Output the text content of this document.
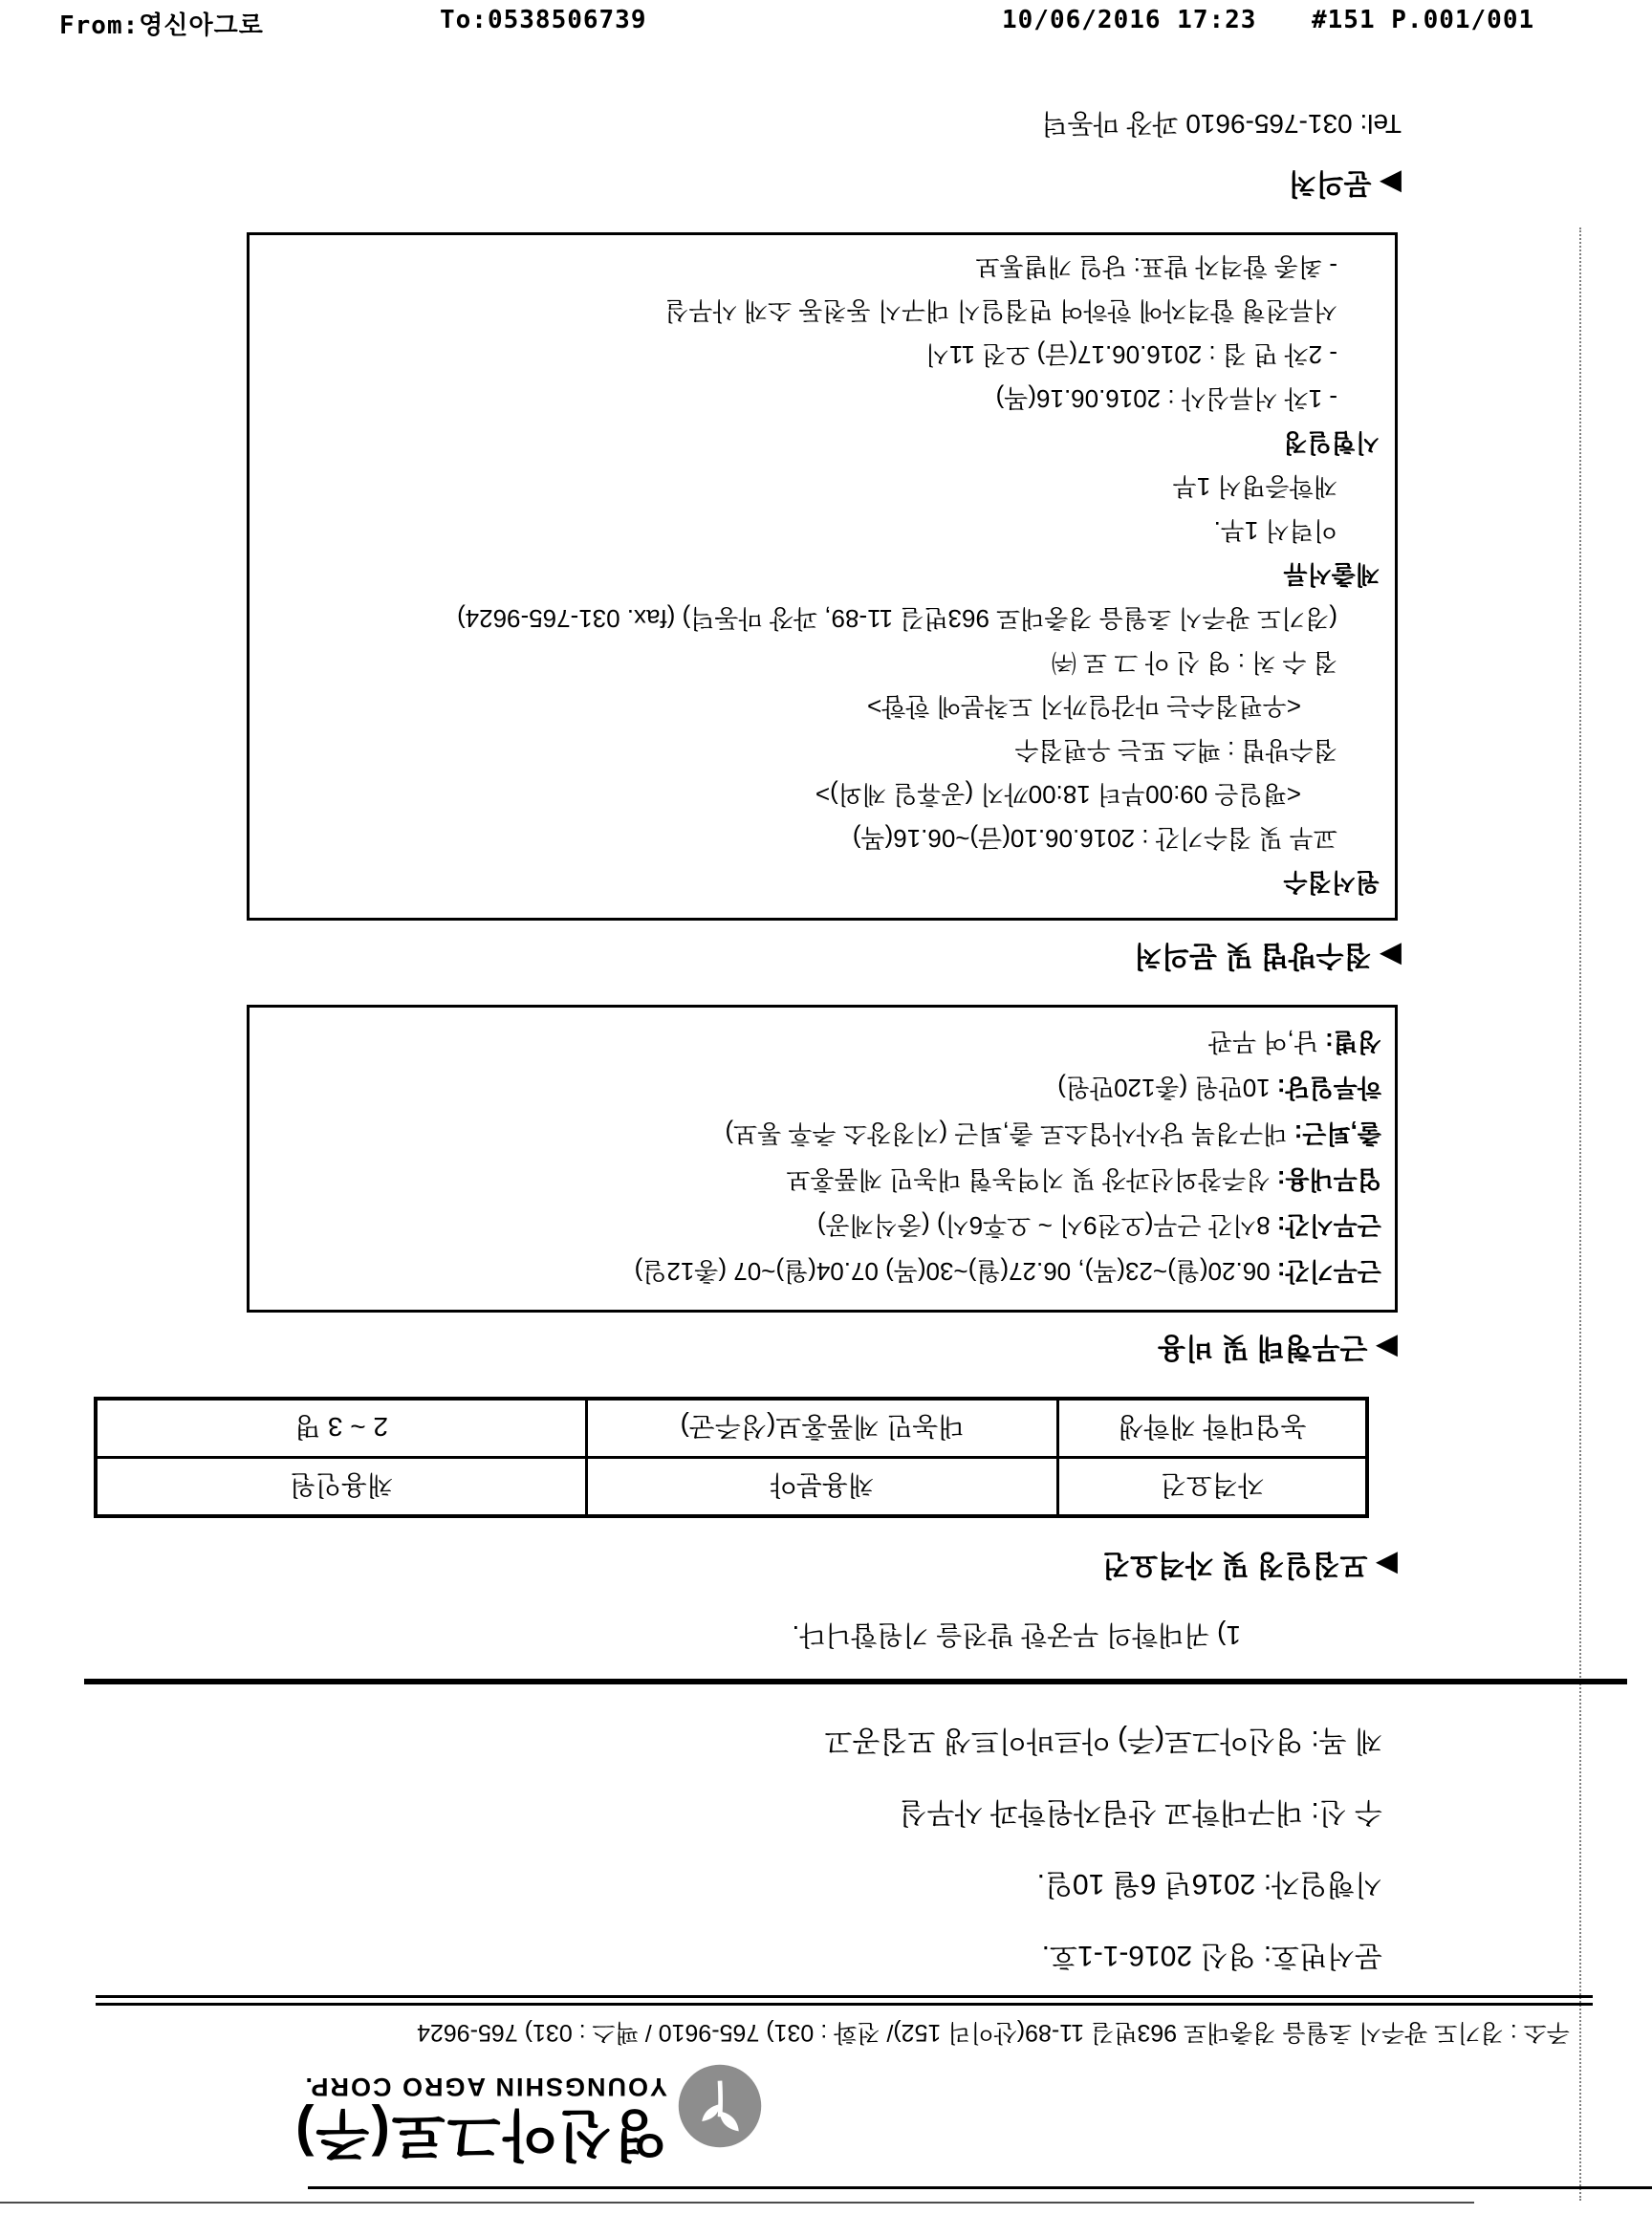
From:영신아그로	To:0538506739	10/06/2016 17:23 #151 P.001/001
영신아그로(주)
YOUNGSHIN AGRO CORP.
주소 : 경기도 광주시 초월읍 경충대로 963번길 11-89(산이리 152)/ 전화 : 031) 765-9610 / 팩스 : 031) 765-9624
문서번호: 영신 2016-1-1호.
시행일자: 2016년 6월 10일.
수 신: 대구대학교 산림자원학과 사무실
제 목: 영신아그로(주) 아르바이트생 모집공고
1) 귀대학의 무궁한 발전을 기원합니다.
▶ 모집일정 및 자격요건
자격요건	채용분야	채용인원
농업대학 재학생	대농민 제품홍보(성주군)	2 ~ 3 명
▶ 근무형태 및 비용
근무기간: 06.20(월)~23(목), 06.27(월)~30(목) 07.04(월)~07 (총12일)
근무시간: 8시간 근무(오전9시 ~ 오후6시) (중식제공)
업무내용: 성주참외선과장 및 지역농협 대농민 제품홍보
출,퇴근: 대구경북 당사사업소로 출,퇴근 (지정장소 추후 통보)
하루일당: 10만원 (총120만원)
성별: 남,여 무관
▶ 접수방법 및 문의처
원서접수
교부 및 접수기간 : 2016.06.10(금)~06.16(목)
<평일은 09:00부터 18:00까지 (공휴일 제외)>
접수방법 : 팩스 또는 우편접수
<우편접수는 마감일까지 도착분에 한함>
접 수 처 : 영 신 아 그 로 ㈜
(경기도 광주시 초월읍 경충대로 963번길 11-89, 과장 마동덕) (fax. 031-765-9624)
제출서류
이력서 1부.
재학증명서 1부
시험일정
- 1차 서류심사 : 2016.06.16(목)
- 2차 면 접 : 2016.06.17(금) 오전 11시
서류전형 합격자에 한하여 면접일시 대구시 동천동 소재 사무실
- 최종 합격자 발표: 당일 개별통보
▶ 문의처
Tel: 031-765-9610 과장 마동덕
